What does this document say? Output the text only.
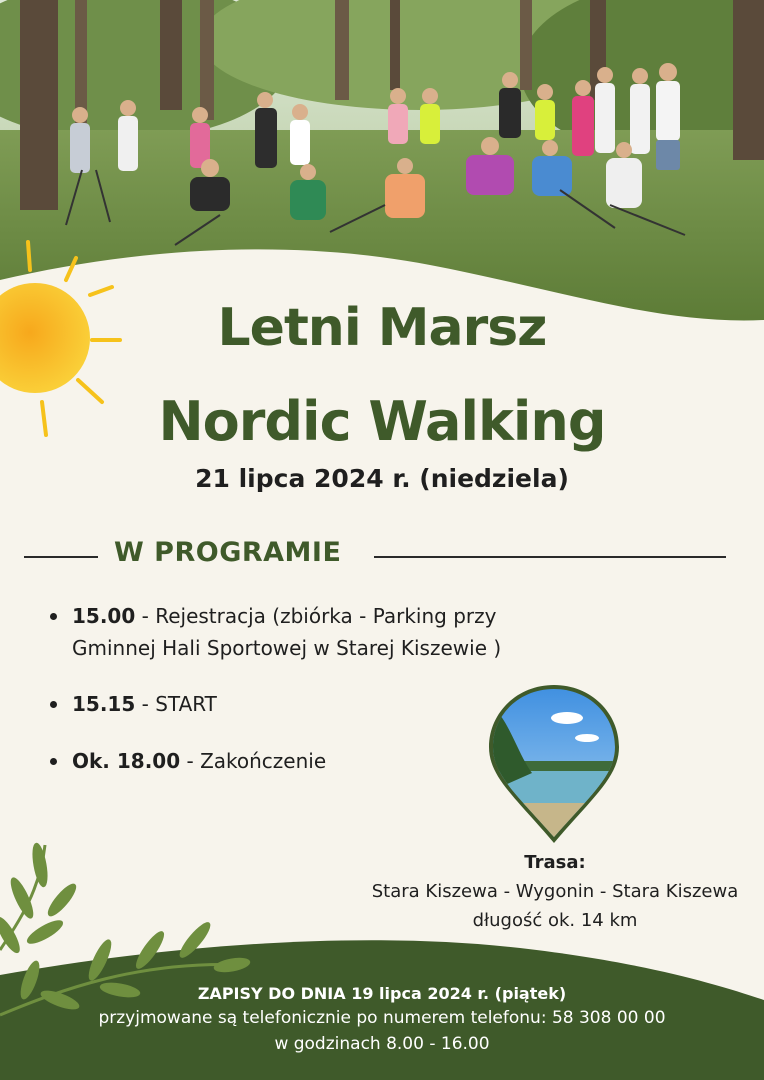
Letni Marsz
Nordic Walking
21 lipca 2024 r. (niedziela)
W PROGRAMIE
15.00 - Rejestracja (zbiórka - Parking przy
Gminnej Hali Sportowej w Starej Kiszewie )
15.15 - START
Ok. 18.00 - Zakończenie
Trasa:
Stara Kiszewa - Wygonin - Stara Kiszewa
długość ok. 14 km
ZAPISY DO DNIA 19 lipca 2024 r. (piątek)
przyjmowane są telefonicznie po numerem telefonu: 58 308 00 00
w godzinach 8.00 - 16.00
